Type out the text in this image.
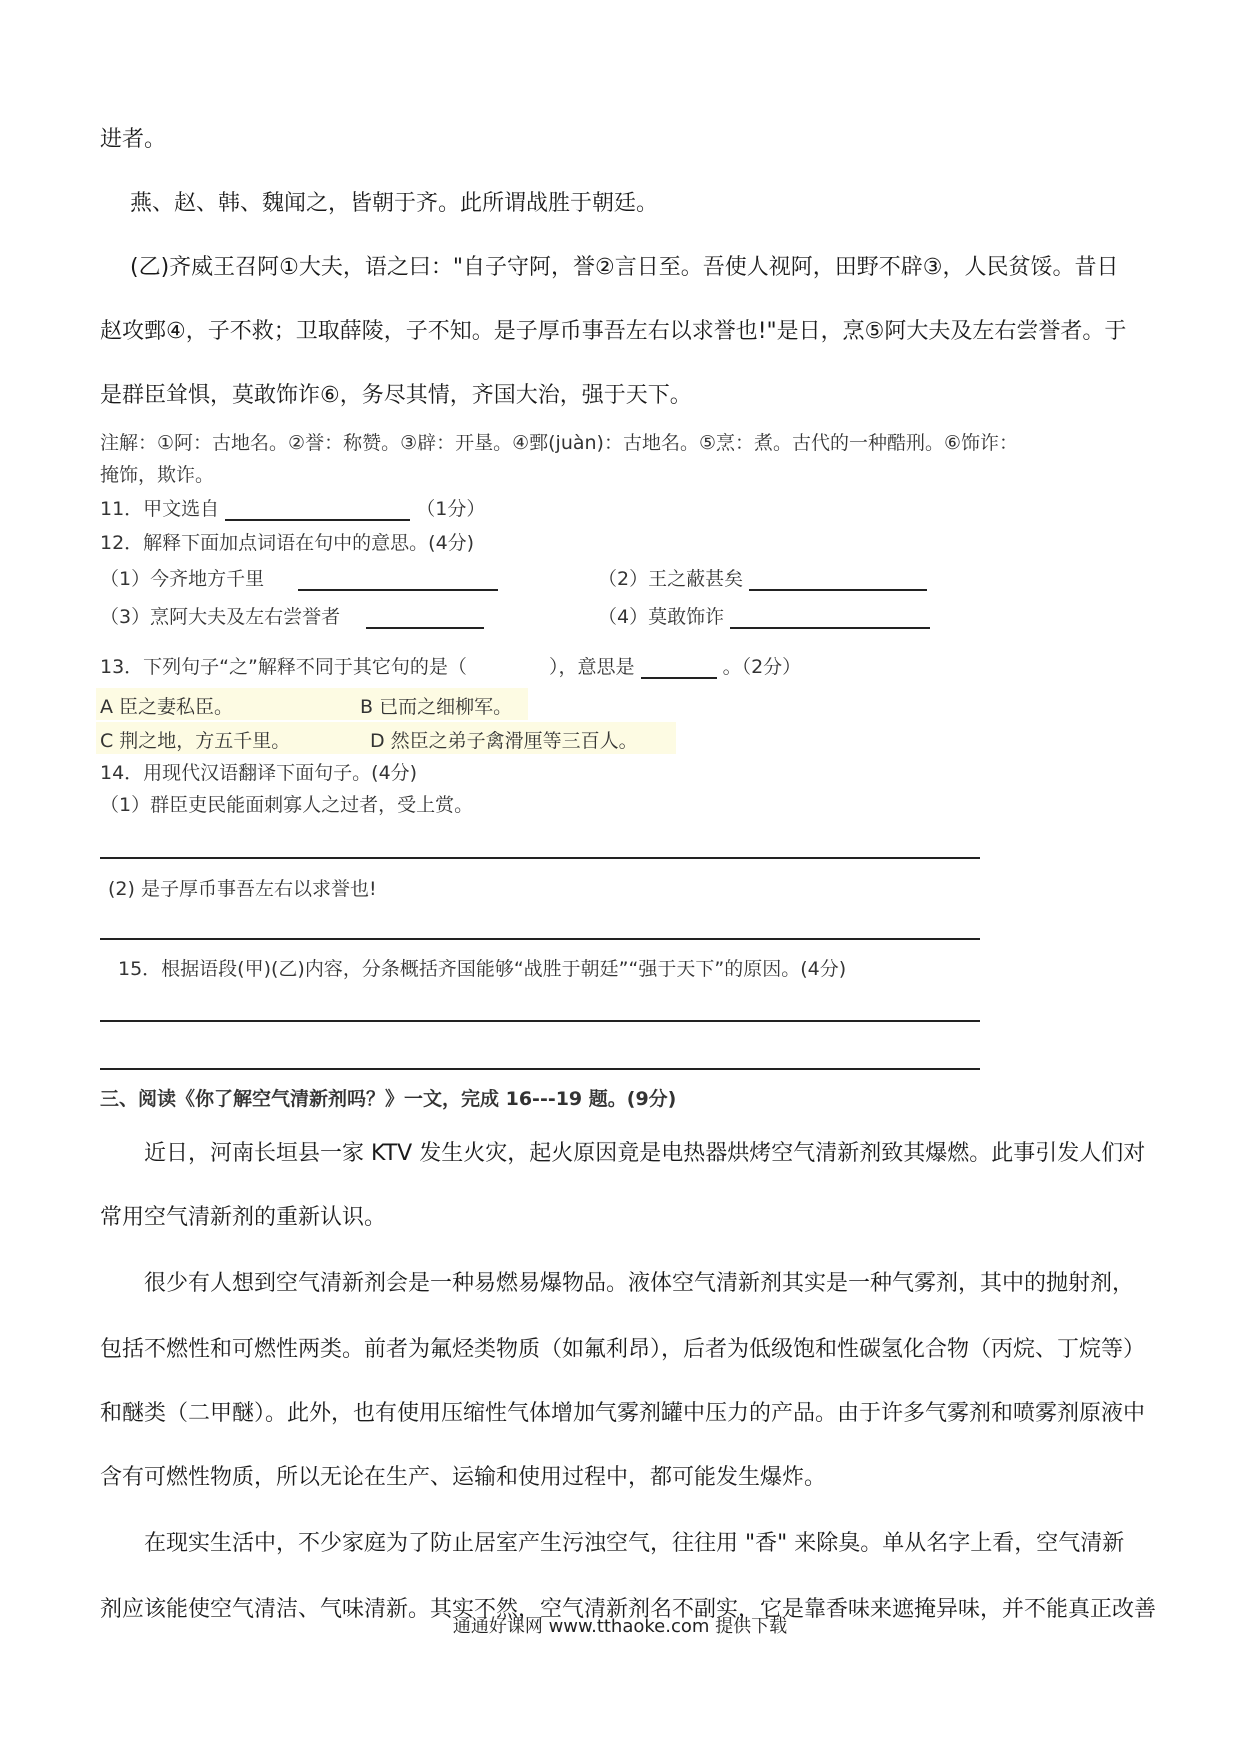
进者。

燕、赵、韩、魏闻之，皆朝于齐。此所谓战胜于朝廷。

(乙)齐威王召阿①大夫，语之曰："自子守阿，誉②言日至。吾使人视阿，田野不辟③，人民贫馁。昔日

赵攻鄄④，子不救；卫取薛陵，子不知。是子厚币事吾左右以求誉也!"是日，烹⑤阿大夫及左右尝誉者。于

是群臣耸惧，莫敢饰诈⑥，务尽其情，齐国大治，强于天下。

注解：①阿：古地名。②誉：称赞。③辟：开垦。④鄄(juàn)：古地名。⑤烹：煮。古代的一种酷刑。⑥饰诈：

掩饰，欺诈。

11．甲文选自	（1分）

12．解释下面加点词语在句中的意思。(4分)

（1）今齐地方千里	（2）王之蔽甚矣
（3）烹阿大夫及左右尝誉者	（4）莫敢饰诈
13．下列句子“之”解释不同于其它句的是（	），意思是	。（2分）

A 臣之妻私臣。	B 已而之细柳军。

C 荆之地，方五千里。	D 然臣之弟子禽滑厘等三百人。

14．用现代汉语翻译下面句子。(4分)

（1）群臣吏民能面刺寡人之过者，受上赏。

(2) 是子厚币事吾左右以求誉也!

15．根据语段(甲)(乙)内容，分条概括齐国能够“战胜于朝廷”“强于天下”的原因。(4分)

三、阅读《你了解空气清新剂吗？》一文，完成 16---19 题。(9分)

近日，河南长垣县一家 KTV 发生火灾，起火原因竟是电热器烘烤空气清新剂致其爆燃。此事引发人们对

常用空气清新剂的重新认识。

很少有人想到空气清新剂会是一种易燃易爆物品。液体空气清新剂其实是一种气雾剂，其中的抛射剂，

包括不燃性和可燃性两类。前者为氟烃类物质（如氟利昂），后者为低级饱和性碳氢化合物（丙烷、丁烷等）

和醚类（二甲醚）。此外，也有使用压缩性气体增加气雾剂罐中压力的产品。由于许多气雾剂和喷雾剂原液中

含有可燃性物质，所以无论在生产、运输和使用过程中，都可能发生爆炸。

在现实生活中，不少家庭为了防止居室产生污浊空气，往往用 "香" 来除臭。单从名字上看，空气清新

剂应该能使空气清洁、气味清新。其实不然，空气清新剂名不副实，它是靠香味来遮掩异味，并不能真正改善

通通好课网 www.tthaoke.com 提供下载
